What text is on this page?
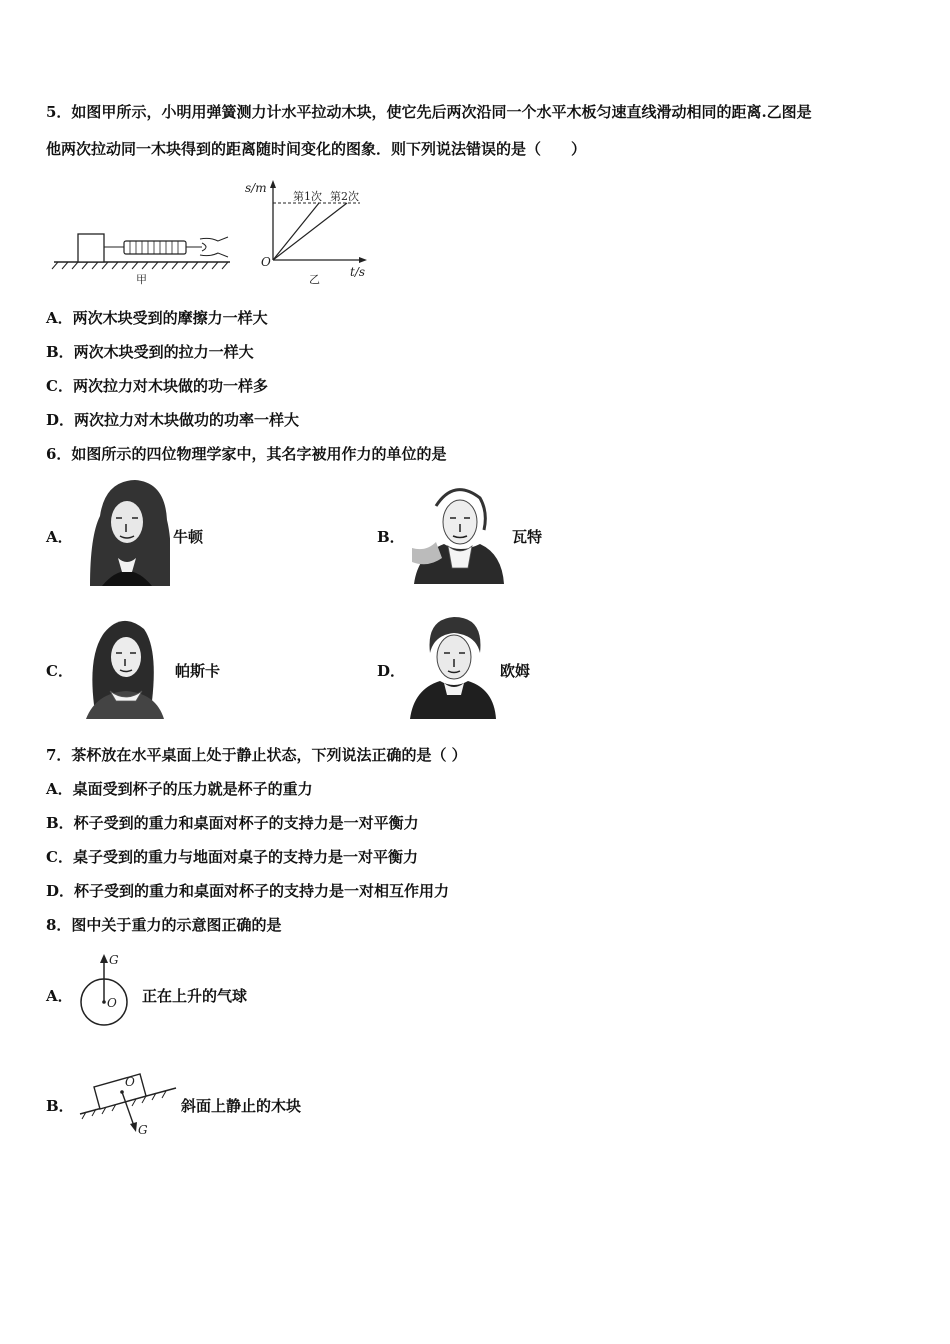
5．如图甲所示，小明用弹簧测力计水平拉动木块，使它先后两次沿同一个水平木板匀速直线滑动相同的距离.乙图是
他两次拉动同一木块得到的距离随时间变化的图象．则下列说法错误的是（　　）
甲
s/m
第1次 第2次
O
t/s
乙
A．两次木块受到的摩擦力一样大
B．两次木块受到的拉力一样大
C．两次拉力对木块做的功一样多
D．两次拉力对木块做功的功率一样大
6．如图所示的四位物理学家中，其名字被用作力的单位的是
A．	牛顿	B．	瓦特
C．	帕斯卡	D．	欧姆
7．茶杯放在水平桌面上处于静止状态，下列说法正确的是（ ）
A．桌面受到杯子的压力就是杯子的重力
B．杯子受到的重力和桌面对杯子的支持力是一对平衡力
C．桌子受到的重力与地面对桌子的支持力是一对平衡力
D．杯子受到的重力和桌面对杯子的支持力是一对相互作用力
8．图中关于重力的示意图正确的是
A．
G
O 正在上升的气球
B．
O
G
斜面上静止的木块
